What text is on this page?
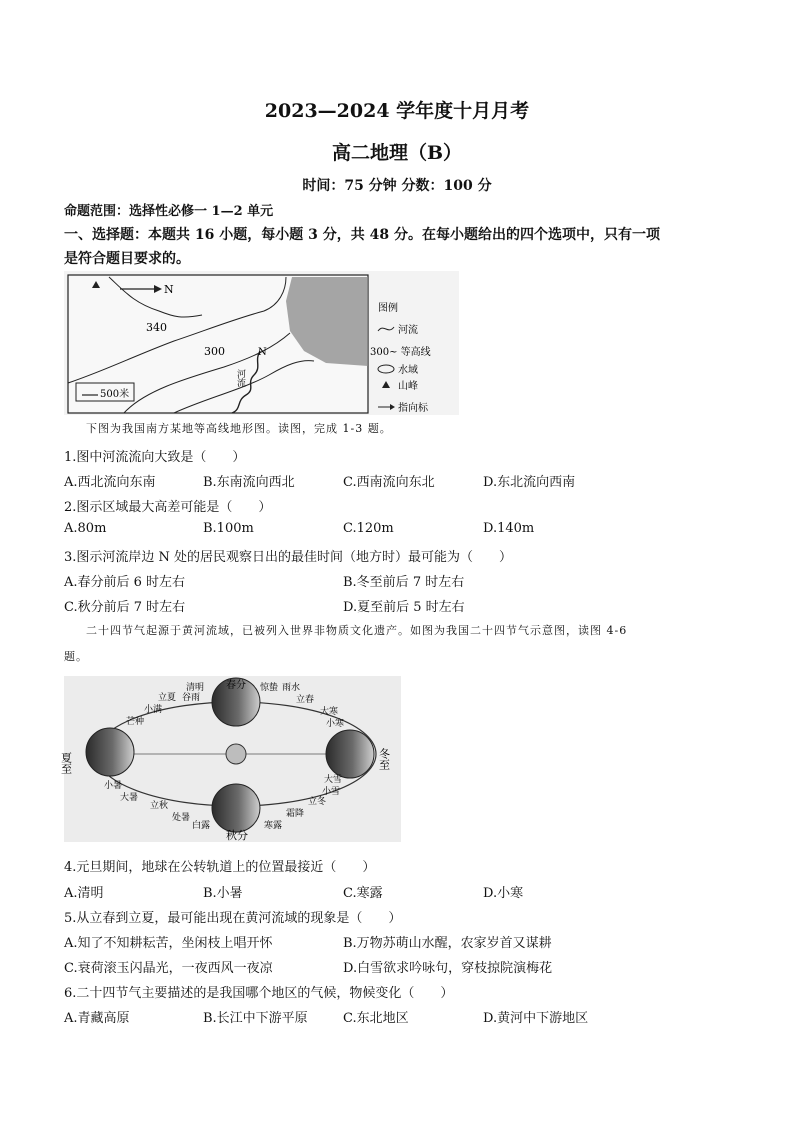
2023—2024 学年度十月月考
高二地理（B）
时间：75 分钟 分数：100 分
命题范围：选择性必修一 1—2 单元
一、选择题：本题共 16 小题，每小题 3 分，共 48 分。在每小题给出的四个选项中，只有一项
是符合题目要求的。
N
340
300	N
河流
500米
图例
河流
300~ 等高线
水域
山峰
指向标
下图为我国南方某地等高线地形图。读图，完成 1-3 题。
1.图中河流流向大致是（　　）
A.西北流向东南	B.东南流向西北	C.西南流向东北	D.东北流向西南
2.图示区域最大高差可能是（　　）
A.80m	B.100m	C.120m	D.140m
3.图示河流岸边 N 处的居民观察日出的最佳时间（地方时）最可能为（　　）
A.春分前后 6 时左右	B.冬至前后 7 时左右
C.秋分前后 7 时左右	D.夏至前后 5 时左右
二十四节气起源于黄河流域，已被列入世界非物质文化遗产。如图为我国二十四节气示意图，读图 4-6
题。
春分
夏至
秋分
冬至
清明
立夏 谷雨
小满
芒种
惊蛰 雨水
立春
大寒
小寒
小暑
大暑
立秋
处暑
白露	寒露
霜降
立冬
小雪
大雪
4.元旦期间，地球在公转轨道上的位置最接近（　　）
A.清明	B.小暑	C.寒露	D.小寒
5.从立春到立夏，最可能出现在黄河流域的现象是（　　）
A.知了不知耕耘苦，坐闲枝上唱开怀	B.万物苏萌山水醒，农家岁首又谋耕
C.衰荷滚玉闪晶光，一夜西风一夜凉	D.白雪欲求吟咏句，穿枝掠院演梅花
6.二十四节气主要描述的是我国哪个地区的气候，物候变化（　　）
A.青藏高原	B.长江中下游平原	C.东北地区	D.黄河中下游地区
